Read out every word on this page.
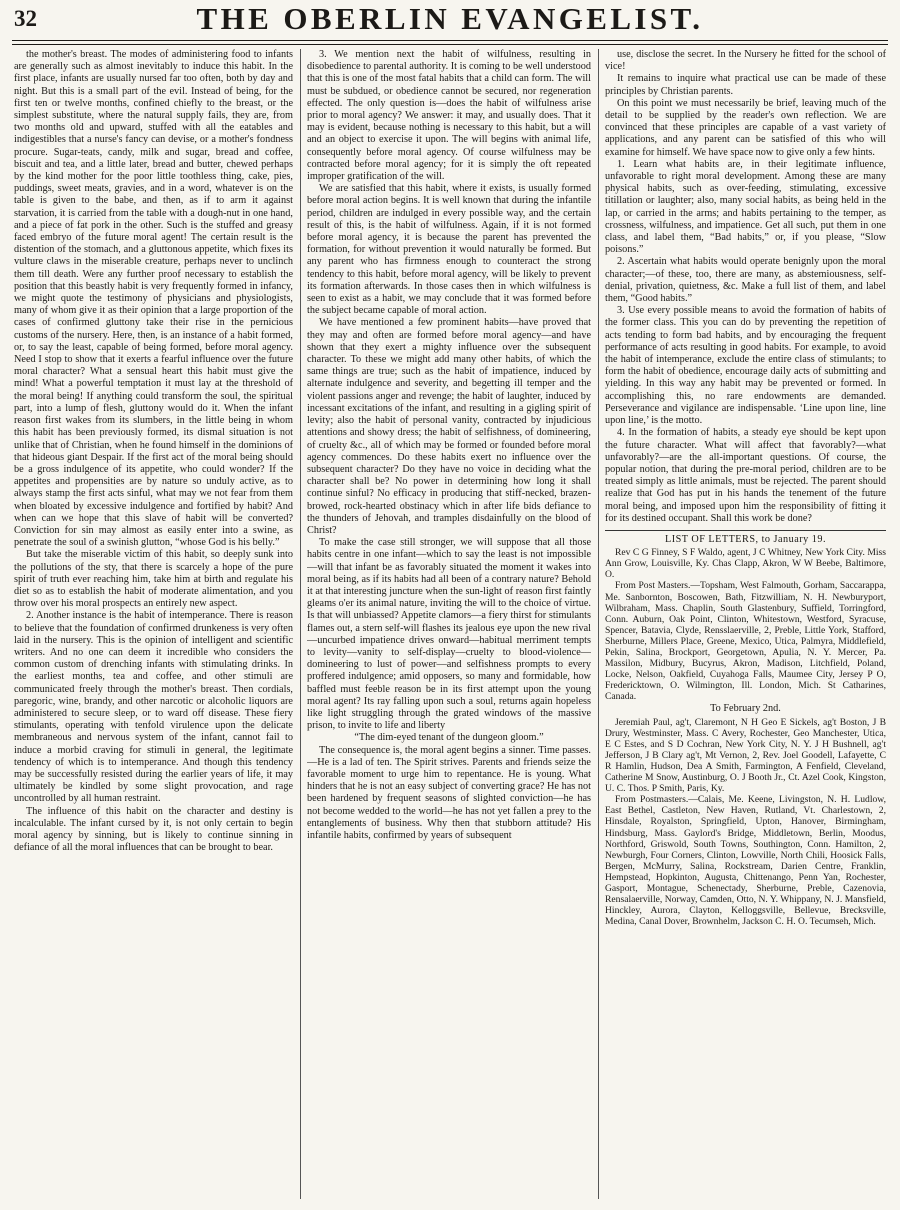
32	THE OBERLIN EVANGELIST.

the mother's breast. The modes of administering food to infants are generally such as almost inevitably to induce this habit. In the first place, infants are usually nursed far too often, both by day and night. But this is a small part of the evil. Instead of being, for the first ten or twelve months, confined chiefly to the breast, or the simplest substitute, where the natural supply fails, they are, from two months old and upward, stuffed with all the eatables and indigestibles that a nurse's fancy can devise, or a mother's fondness procure. Sugar-teats, candy, milk and sugar, bread and coffee, biscuit and tea, and a little later, bread and butter, chewed perhaps by the kind mother for the poor little toothless thing, cake, pies, puddings, sweet meats, gravies, and in a word, whatever is on the table is given to the babe, and then, as if to arm it against starvation, it is carried from the table with a dough-nut in one hand, and a piece of fat pork in the other. Such is the stuffed and greasy faced embryo of the future moral agent! The certain result is the distention of the stomach, and a gluttonous appetite, which fixes its vulture claws in the miserable creature, perhaps never to unclinch them till death. Were any further proof necessary to establish the position that this beastly habit is very frequently formed in infancy, we might quote the testimony of physicians and physiologists, many of whom give it as their opinion that a large proportion of the cases of confirmed gluttony take their rise in the pernicious customs of the nursery. Here, then, is an instance of a habit formed, or, to say the least, capable of being formed, before moral agency. Need I stop to show that it exerts a fearful influence over the future moral character? What a sensual heart this habit must give the mind! What a powerful temptation it must lay at the threshold of the moral being! If anything could transform the soul, the spiritual part, into a lump of flesh, gluttony would do it. When the infant reason first wakes from its slumbers, in the little being in whom this habit has been previously formed, its dismal situation is not unlike that of Christian, when he found himself in the dominions of that hideous giant Despair. If the first act of the moral being should be a gross indulgence of its appetite, who could wonder? If the appetites and propensities are by nature so unduly active, as to always stamp the first acts sinful, what may we not fear from them when bloated by excessive indulgence and fortified by habit? And when can we hope that this slave of habit will be converted? Conviction for sin may almost as easily enter into a swine, as penetrate the soul of a swinish glutton, “whose God is his belly.”

But take the miserable victim of this habit, so deeply sunk into the pollutions of the sty, that there is scarcely a hope of the pure spirit of truth ever reaching him, take him at birth and regulate his diet so as to establish the habit of moderate alimentation, and you throw over his moral prospects an entirely new aspect.

2. Another instance is the habit of intemperance. There is reason to believe that the foundation of confirmed drunkeness is very often laid in the nursery. This is the opinion of intelligent and scientific writers. And no one can deem it incredible who considers the common custom of drenching infants with stimulating drinks. In the earliest months, tea and coffee, and other stimuli are communicated freely through the mother's breast. Then cordials, paregoric, wine, brandy, and other narcotic or alcoholic liquors are administered to secure sleep, or to ward off disease. These fiery stimulants, operating with tenfold virulence upon the delicate membraneous and nervous system of the infant, cannot fail to induce a morbid craving for stimuli in general, the legitimate tendency of which is to intemperance. And though this tendency may be successfully resisted during the earlier years of life, it may ultimately be kindled by some slight provocation, and rage uncontrolled by all human restraint.

The influence of this habit on the character and destiny is incalculable. The infant cursed by it, is not only certain to begin moral agency by sinning, but is likely to continue sinning in defiance of all the moral influences that can be brought to bear.

3. We mention next the habit of wilfulness, resulting in disobedience to parental authority. It is coming to be well understood that this is one of the most fatal habits that a child can form. The will must be subdued, or obedience cannot be secured, nor regeneration effected. The only question is—does the habit of wilfulness arise prior to moral agency? We answer: it may, and usually does. That it may is evident, because nothing is necessary to this habit, but a will and an object to exercise it upon. The will begins with animal life, consequently before moral agency. Of course wilfulness may be contracted before moral agency; for it is simply the oft repeated improper gratification of the will.

We are satisfied that this habit, where it exists, is usually formed before moral action begins. It is well known that during the infantile period, children are indulged in every possible way, and the certain result of this, is the habit of wilfulness. Again, if it is not formed before moral agency, it is because the parent has prevented the formation, for without prevention it would naturally be formed. But any parent who has firmness enough to counteract the strong tendency to this habit, before moral agency, will be likely to prevent its formation afterwards. In those cases then in which wilfulness is seen to exist as a habit, we may conclude that it was formed before the subject became capable of moral action.

We have mentioned a few prominent habits—have proved that they may and often are formed before moral agency—and have shown that they exert a mighty influence over the subsequent character. To these we might add many other habits, of which the same things are true; such as the habit of impatience, induced by alternate indulgence and severity, and begetting ill temper and the violent passions anger and revenge; the habit of laughter, induced by incessant excitations of the infant, and resulting in a gigling spirit of levity; also the habit of personal vanity, contracted by injudicious attentions and showy dress; the habit of selfishness, of domineering, of cruelty &c., all of which may be formed or founded before moral agency commences. Do these habits exert no influence over the subsequent character? Do they have no voice in deciding what the character shall be? No power in determining how long it shall continue sinful? No efficacy in producing that stiff-necked, brazen-browed, rock-hearted obstinacy which in after life bids defiance to the thunders of Jehovah, and tramples disdainfully on the blood of Christ?

To make the case still stronger, we will suppose that all those habits centre in one infant—which to say the least is not impossible—will that infant be as favorably situated the moment it wakes into moral being, as if its habits had all been of a contrary nature? Behold it at that interesting juncture when the sun-light of reason first faintly gleams o'er its animal nature, inviting the will to the choice of virtue. Is that will unbiassed? Appetite clamors—a fiery thirst for stimulants flames out, a stern self-will flashes its jealous eye upon the new rival—uncurbed impatience drives onward—habitual merriment tempts to levity—vanity to self-display—cruelty to blood-violence—domineering to lust of power—and selfishness prompts to every proffered indulgence; amid opposers, so many and formidable, how baffled must feeble reason be in its first attempt upon the young moral agent? Its ray falling upon such a soul, returns again hopeless like light struggling through the grated windows of the massive prison, to invite to life and liberty

“The dim-eyed tenant of the dungeon gloom.”

The consequence is, the moral agent begins a sinner. Time passes.—He is a lad of ten. The Spirit strives. Parents and friends seize the favorable moment to urge him to repentance. He is young. What hinders that he is not an easy subject of converting grace? He has not been hardened by frequent seasons of slighted conviction—he has not become wedded to the world—he has not yet fallen a prey to the entanglements of business. Why then that stubborn attitude? His infantile habits, confirmed by years of subsequent

use, disclose the secret. In the Nursery he fitted for the school of vice!

It remains to inquire what practical use can be made of these principles by Christian parents.

On this point we must necessarily be brief, leaving much of the detail to be supplied by the reader's own reflection. We are convinced that these principles are capable of a vast variety of applications, and any parent can be satisfied of this who will examine for himself. We have space now to give only a few hints.

1. Learn what habits are, in their legitimate influence, unfavorable to right moral development. Among these are many physical habits, such as over-feeding, stimulating, excessive titillation or laughter; also, many social habits, as being held in the lap, or carried in the arms; and habits pertaining to the temper, as crossness, wilfulness, and impatience. Get all such, put them in one class, and label them, “Bad habits,” or, if you please, “Slow poisons.”

2. Ascertain what habits would operate benignly upon the moral character;—of these, too, there are many, as abstemiousness, self-denial, privation, quietness, &c. Make a full list of them, and label them, “Good habits.”

3. Use every possible means to avoid the formation of habits of the former class. This you can do by preventing the repetition of acts tending to form bad habits, and by encouraging the frequent performance of acts resulting in good habits. For example, to avoid the habit of intemperance, exclude the entire class of stimulants; to form the habit of obedience, encourage daily acts of submitting and yielding. In this way any habit may be prevented or formed. In accomplishing this, no rare endowments are demanded. Perseverance and vigilance are indispensable. ‘Line upon line, line upon line,’ is the motto.

4. In the formation of habits, a steady eye should be kept upon the future character. What will affect that favorably?—what unfavorably?—are the all-important questions. Of course, the popular notion, that during the pre-moral period, children are to be treated simply as little animals, must be rejected. The parent should realize that God has put in his hands the tenement of the future moral being, and imposed upon him the responsibility of fitting it for its destined occupant. Shall this work be done?

LIST OF LETTERS, to January 19.

Rev C G Finney, S F Waldo, agent, J C Whitney, New York City. Miss Ann Grow, Louisville, Ky. Chas Clapp, Akron, W W Beebe, Baltimore, O.

From Post Masters.—Topsham, West Falmouth, Gorham, Saccarappa, Me. Sanbornton, Boscowen, Bath, Fitzwilliam, N. H. Newburyport, Wilbraham, Mass. Chaplin, South Glastenbury, Suffield, Torringford, Conn. Auburn, Oak Point, Clinton, Whitestown, Westford, Syracuse, Spencer, Batavia, Clyde, Rensslaerville, 2, Preble, Little York, Stafford, Sherburne, Millers Place, Greene, Mexico, Utica, Palmyra, Middlefield, Pekin, Salina, Brockport, Georgetown, Apulia, N. Y. Mercer, Pa. Massilon, Midbury, Bucyrus, Akron, Madison, Litchfield, Poland, Locke, Nelson, Oakfield, Cuyahoga Falls, Maumee City, Jersey P O, Fredericktown, O. Wilmington, Ill. London, Mich. St Catharines, Canada.

To February 2nd.

Jeremiah Paul, ag't, Claremont, N H Geo E Sickels, ag't Boston, J B Drury, Westminster, Mass. C Avery, Rochester, Geo Manchester, Utica, E C Estes, and S D Cochran, New York City, N. Y. J H Bushnell, ag't Jefferson, J B Clary ag't, Mt Vernon, 2, Rev. Joel Goodell, Lafayette, C R Hamlin, Hudson, Dea A Smith, Farmington, A Fenfield, Cleveland, Catherine M Snow, Austinburg, O. J Booth Jr., Ct. Azel Cook, Kingston, U. C. Thos. P Smith, Paris, Ky.

From Postmasters.—Calais, Me. Keene, Livingston, N. H. Ludlow, East Bethel, Castleton, New Haven, Rutland, Vt. Charlestown, 2, Hinsdale, Royalston, Springfield, Upton, Hanover, Birmingham, Hindsburg, Mass. Gaylord's Bridge, Middletown, Berlin, Moodus, Northford, Griswold, South Towns, Southington, Conn. Hamilton, 2, Newburgh, Four Corners, Clinton, Lowville, North Chili, Hoosick Falls, Bergen, McMurry, Salina, Rockstream, Darien Centre, Franklin, Hempstead, Hopkinton, Augusta, Chittenango, Penn Yan, Rochester, Gasport, Montague, Schenectady, Sherburne, Preble, Cazenovia, Rensalaerville, Norway, Camden, Otto, N. Y. Whippany, N. J. Mansfield, Hinckley, Aurora, Clayton, Kelloggsville, Bellevue, Brecksville, Medina, Canal Dover, Brownhelm, Jackson C. H. O. Tecumseh, Mich.
